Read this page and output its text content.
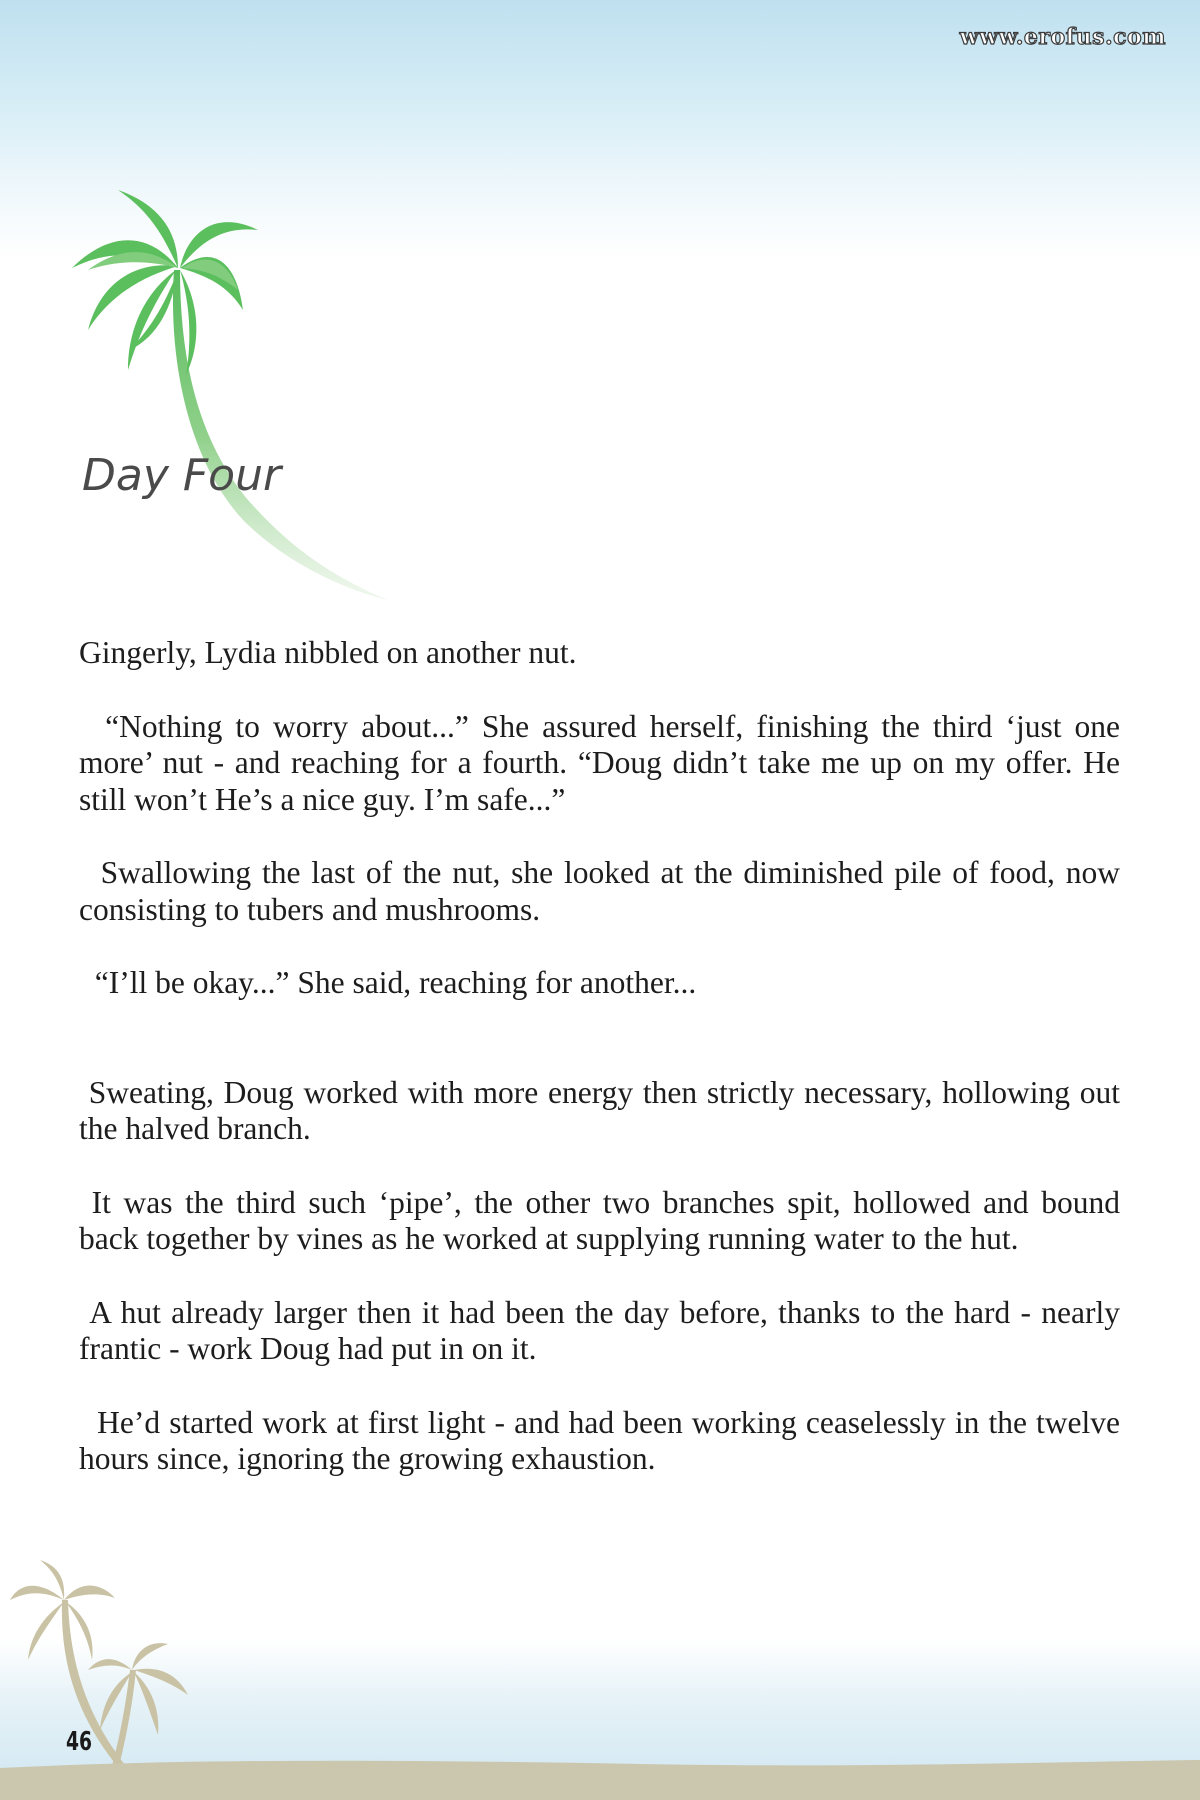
www.erofus.com
Day Four

Gingerly, Lydia nibbled on another nut.

“Nothing to worry about...” She assured herself, finishing the third ‘just one more’ nut - and reaching for a fourth. “Doug didn’t take me up on my offer. He still won’t He’s a nice guy. I’m safe...”

Swallowing the last of the nut, she looked at the diminished pile of food, now consisting to tubers and mushrooms.

“I’ll be okay...” She said, reaching for another...

Sweating, Doug worked with more energy then strictly necessary, hollowing out the halved branch.

It was the third such ‘pipe’, the other two branches spit, hollowed and bound back together by vines as he worked at supplying running water to the hut.

A hut already larger then it had been the day before, thanks to the hard - nearly frantic - work Doug had put in on it.

He’d started work at first light - and had been working ceaselessly in the twelve hours since, ignoring the growing exhaustion.

46
